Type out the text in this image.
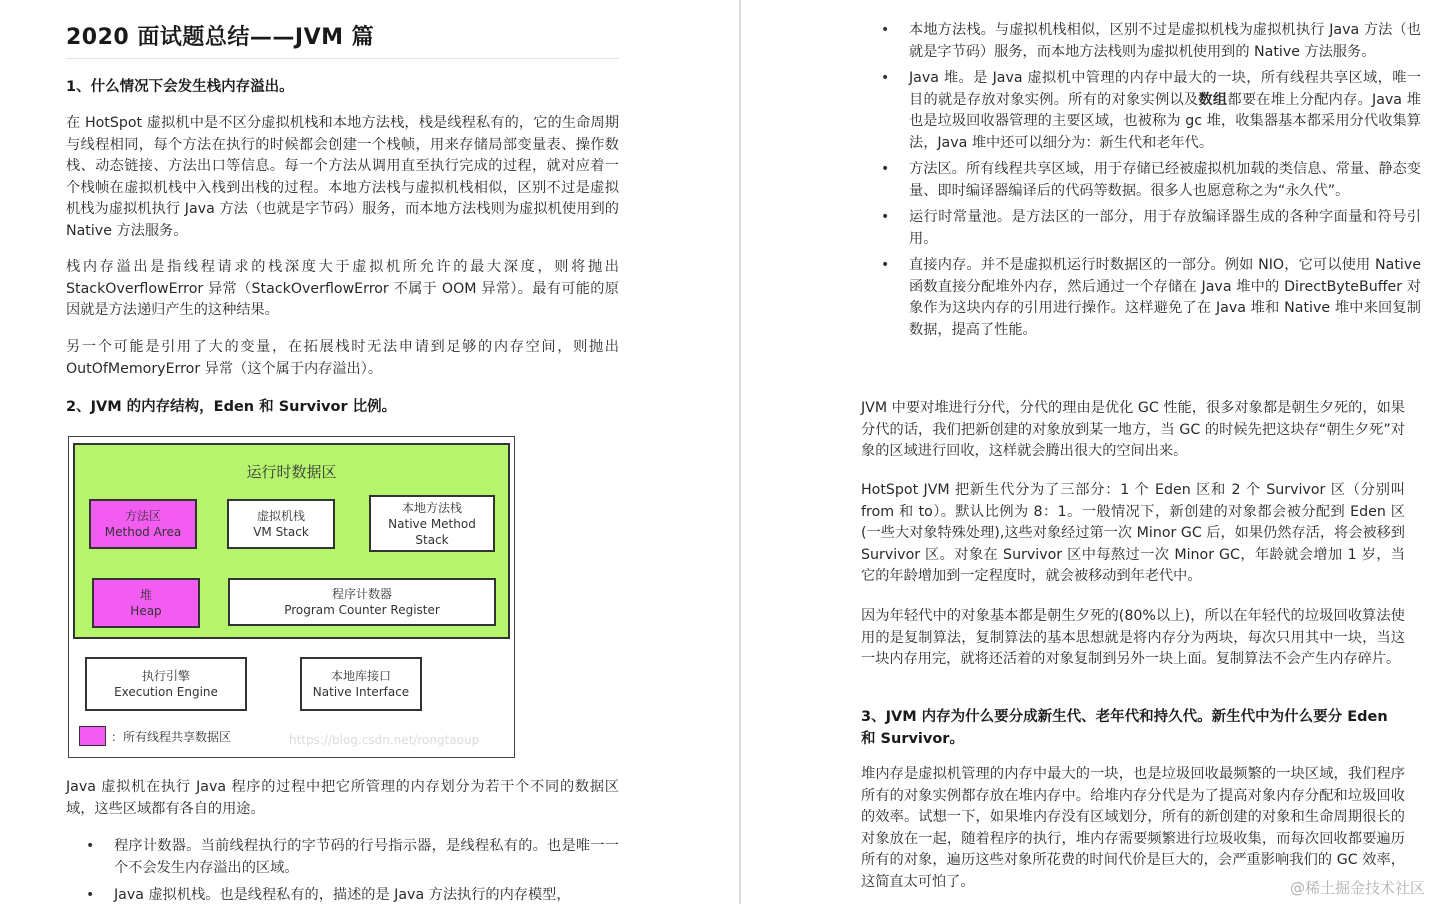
2020 面试题总结——JVM 篇
1、什么情况下会发生栈内存溢出。
在 HotSpot 虚拟机中是不区分虚拟机栈和本地方法栈，栈是线程私有的，它的生命周期与线程相同，每个方法在执行的时候都会创建一个栈帧，用来存储局部变量表、操作数栈、动态链接、方法出口等信息。每一个方法从调用直至执行完成的过程，就对应着一个栈帧在虚拟机栈中入栈到出栈的过程。本地方法栈与虚拟机栈相似，区别不过是虚拟机栈为虚拟机执行 Java 方法（也就是字节码）服务，而本地方法栈则为虚拟机使用到的 Native 方法服务。
栈内存溢出是指线程请求的栈深度大于虚拟机所允许的最大深度，则将抛出 StackOverflowError 异常（StackOverflowError 不属于 OOM 异常）。最有可能的原因就是方法递归产生的这种结果。
另一个可能是引用了大的变量，在拓展栈时无法申请到足够的内存空间，则抛出 OutOfMemoryError 异常（这个属于内存溢出）。
2、JVM 的内存结构，Eden 和 Survivor 比例。
运行时数据区
方法区
Method Area
虚拟机栈
VM Stack
本地方法栈
Native Method
Stack
堆
Heap
程序计数器
Program Counter Register
执行引擎
Execution Engine
本地库接口
Native Interface
：所有线程共享数据区	https://blog.csdn.net/rongtaoup
Java 虚拟机在执行 Java 程序的过程中把它所管理的内存划分为若干个不同的数据区域，这些区域都有各自的用途。
• 程序计数器。当前线程执行的字节码的行号指示器，是线程私有的。也是唯一一个不会发生内存溢出的区域。
• Java 虚拟机栈。也是线程私有的，描述的是 Java 方法执行的内存模型，
• 本地方法栈。与虚拟机栈相似，区别不过是虚拟机栈为虚拟机执行 Java 方法（也就是字节码）服务，而本地方法栈则为虚拟机使用到的 Native 方法服务。
• Java 堆。是 Java 虚拟机中管理的内存中最大的一块，所有线程共享区域，唯一目的就是存放对象实例。所有的对象实例以及数组都要在堆上分配内存。Java 堆也是垃圾回收器管理的主要区域，也被称为 gc 堆，收集器基本都采用分代收集算法，Java 堆中还可以细分为：新生代和老年代。
• 方法区。所有线程共享区域，用于存储已经被虚拟机加载的类信息、常量、静态变量、即时编译器编译后的代码等数据。很多人也愿意称之为“永久代”。
• 运行时常量池。是方法区的一部分，用于存放编译器生成的各种字面量和符号引用。
• 直接内存。并不是虚拟机运行时数据区的一部分。例如 NIO，它可以使用 Native 函数直接分配堆外内存，然后通过一个存储在 Java 堆中的 DirectByteBuffer 对象作为这块内存的引用进行操作。这样避免了在 Java 堆和 Native 堆中来回复制数据，提高了性能。
JVM 中要对堆进行分代，分代的理由是优化 GC 性能，很多对象都是朝生夕死的，如果分代的话，我们把新创建的对象放到某一地方，当 GC 的时候先把这块存“朝生夕死”对象的区域进行回收，这样就会腾出很大的空间出来。
HotSpot JVM 把新生代分为了三部分：1 个 Eden 区和 2 个 Survivor 区（分别叫 from 和 to）。默认比例为 8：1。一般情况下，新创建的对象都会被分配到 Eden 区(一些大对象特殊处理),这些对象经过第一次 Minor GC 后，如果仍然存活，将会被移到 Survivor 区。对象在 Survivor 区中每熬过一次 Minor GC，年龄就会增加 1 岁，当它的年龄增加到一定程度时，就会被移动到年老代中。
因为年轻代中的对象基本都是朝生夕死的(80%以上)，所以在年轻代的垃圾回收算法使用的是复制算法，复制算法的基本思想就是将内存分为两块，每次只用其中一块，当这一块内存用完，就将还活着的对象复制到另外一块上面。复制算法不会产生内存碎片。
3、JVM 内存为什么要分成新生代、老年代和持久代。新生代中为什么要分 Eden 和 Survivor。
堆内存是虚拟机管理的内存中最大的一块，也是垃圾回收最频繁的一块区域，我们程序所有的对象实例都存放在堆内存中。给堆内存分代是为了提高对象内存分配和垃圾回收的效率。试想一下，如果堆内存没有区域划分，所有的新创建的对象和生命周期很长的对象放在一起，随着程序的执行，堆内存需要频繁进行垃圾收集，而每次回收都要遍历所有的对象，遍历这些对象所花费的时间代价是巨大的，会严重影响我们的 GC 效率，这简直太可怕了。	@稀土掘金技术社区
